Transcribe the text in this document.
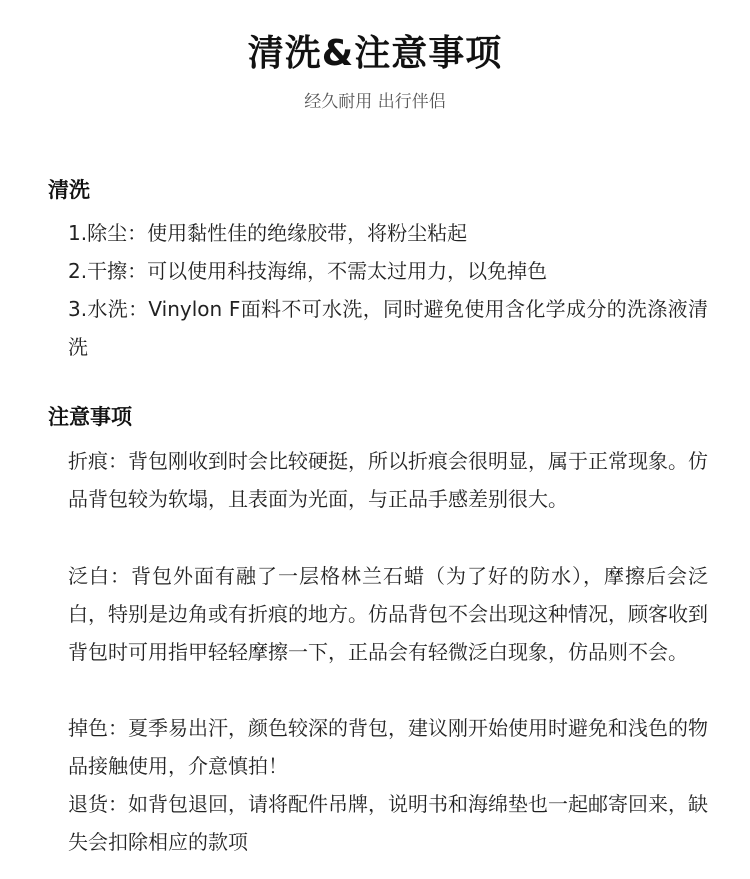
清洗&注意事项
经久耐用 出行伴侣
清洗
1.除尘：使用黏性佳的绝缘胶带，将粉尘粘起
2.干擦：可以使用科技海绵，不需太过用力，以免掉色
3.水洗：Vinylon F面料不可水洗，同时避免使用含化学成分的洗涤液清洗
注意事项
折痕：背包刚收到时会比较硬挺，所以折痕会很明显，属于正常现象。仿品背包较为软塌，且表面为光面，与正品手感差别很大。
泛白：背包外面有融了一层格林兰石蜡（为了好的防水），摩擦后会泛白，特别是边角或有折痕的地方。仿品背包不会出现这种情况，顾客收到背包时可用指甲轻轻摩擦一下，正品会有轻微泛白现象，仿品则不会。
掉色：夏季易出汗，颜色较深的背包，建议刚开始使用时避免和浅色的物品接触使用，介意慎拍！
退货：如背包退回，请将配件吊牌，说明书和海绵垫也一起邮寄回来，缺失会扣除相应的款项
